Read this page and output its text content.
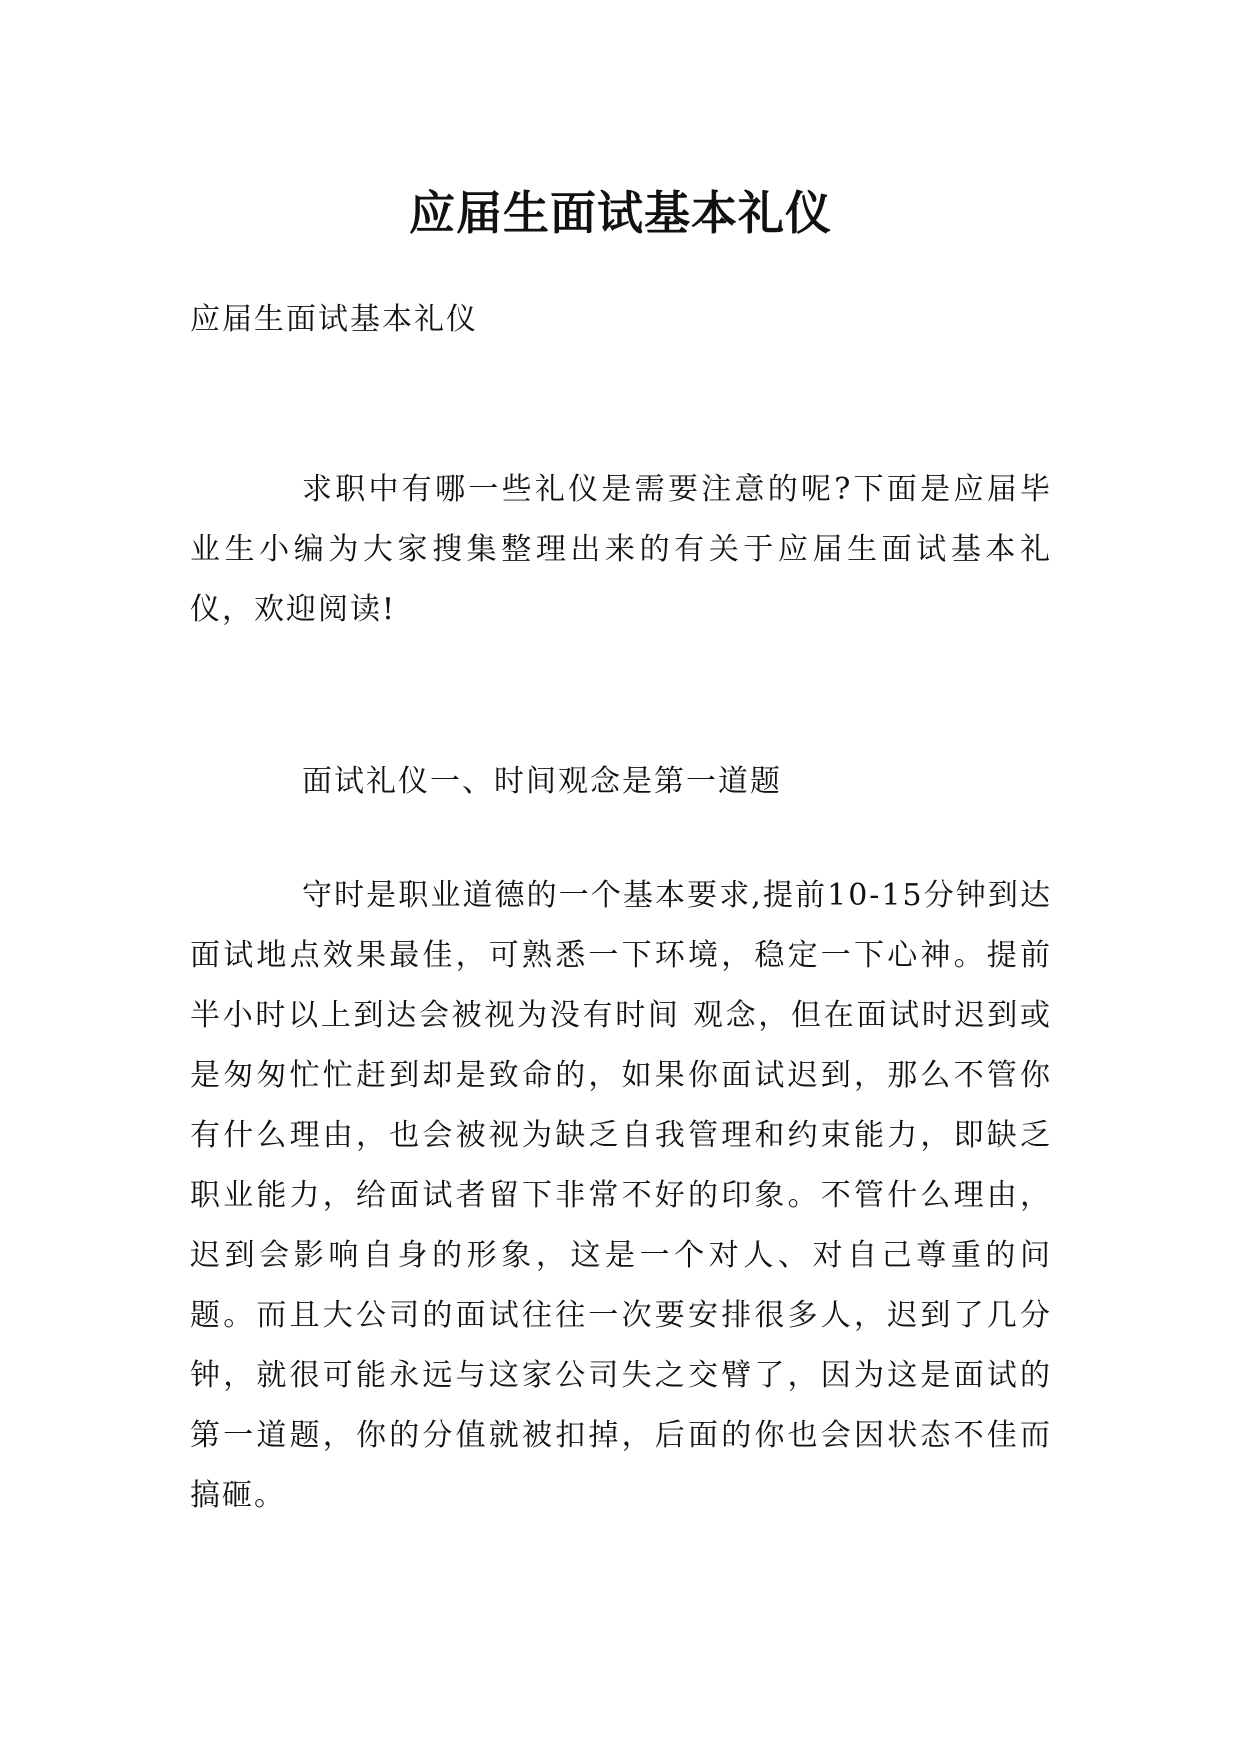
应届生面试基本礼仪

应届生面试基本礼仪

求职中有哪一些礼仪是需要注意的呢?下面是应届毕业生小编为大家搜集整理出来的有关于应届生面试基本礼仪，欢迎阅读!

面试礼仪一、时间观念是第一道题

守时是职业道德的一个基本要求,提前10-15分钟到达面试地点效果最佳，可熟悉一下环境，稳定一下心神。提前半小时以上到达会被视为没有时间 观念，但在面试时迟到或是匆匆忙忙赶到却是致命的，如果你面试迟到，那么不管你有什么理由，也会被视为缺乏自我管理和约束能力，即缺乏职业能力，给面试者留下非常不好的印象。不管什么理由，迟到会影响自身的形象，这是一个对人、对自己尊重的问题。而且大公司的面试往往一次要安排很多人，迟到了几分钟，就很可能永远与这家公司失之交臂了，因为这是面试的第一道题，你的分值就被扣掉，后面的你也会因状态不佳而搞砸。
